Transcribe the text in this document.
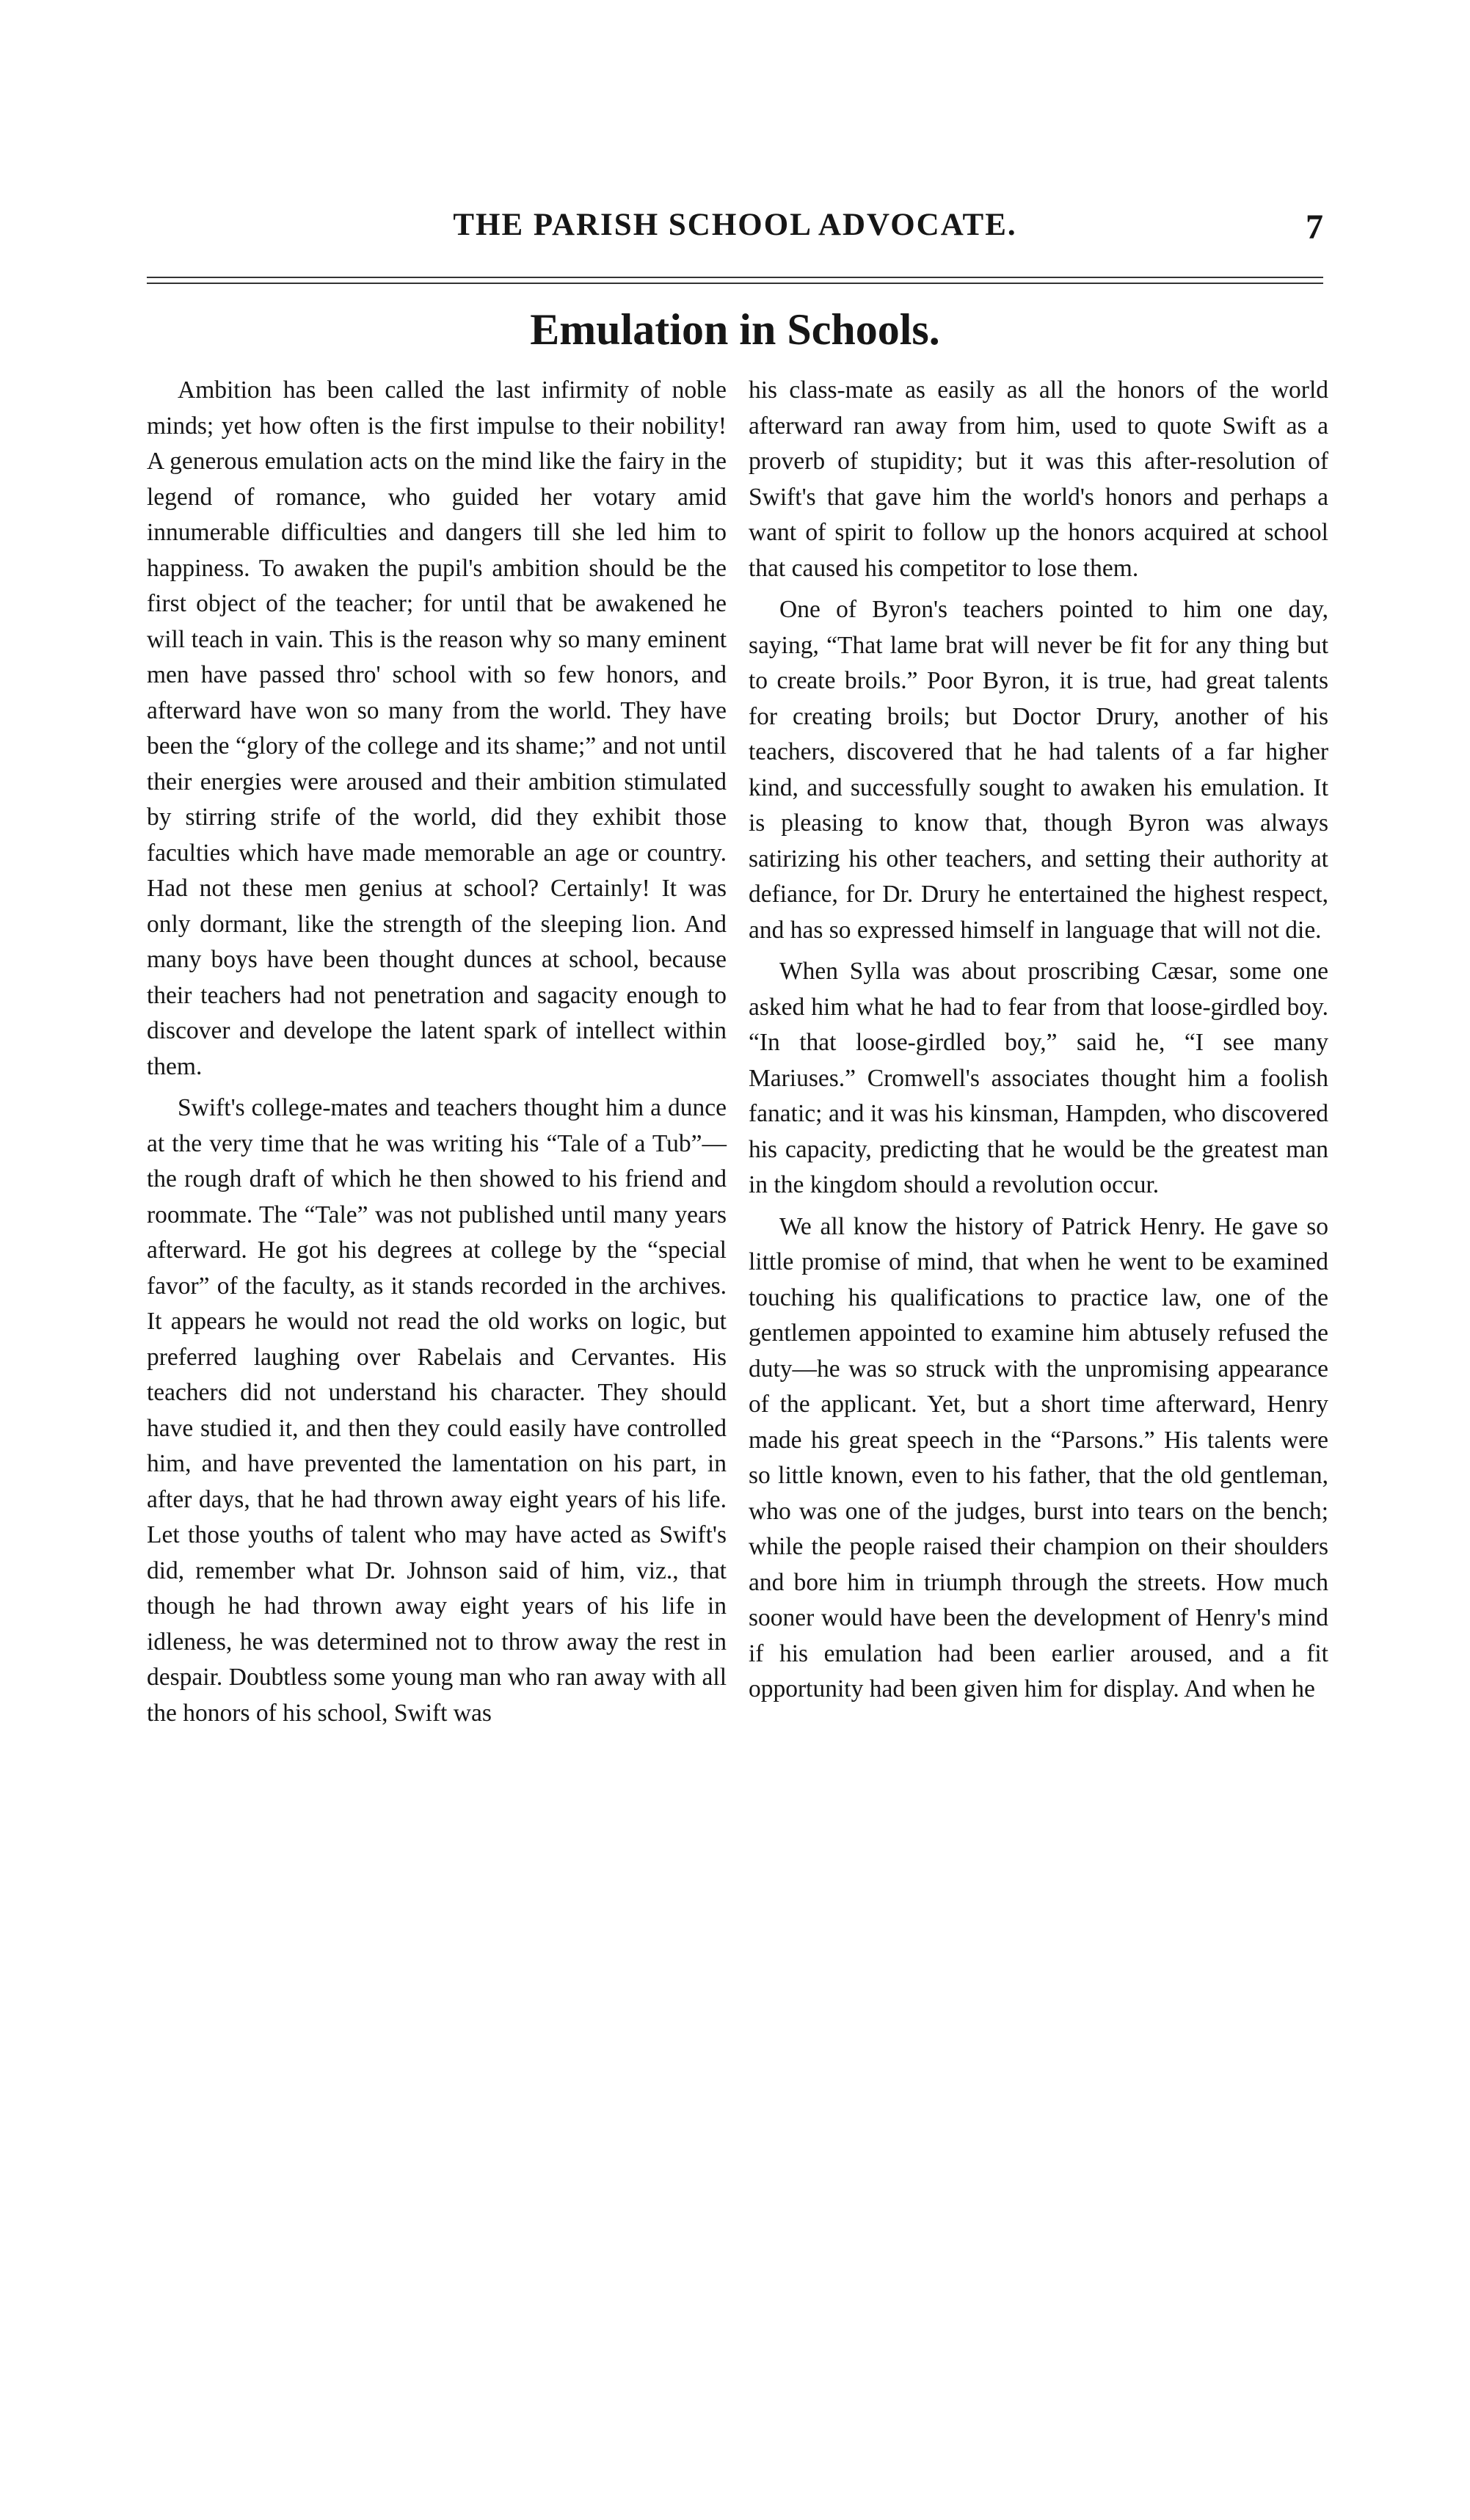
THE PARISH SCHOOL ADVOCATE.	7
Emulation in Schools.

Ambition has been called the last infirmity of noble minds; yet how often is the first impulse to their nobility! A generous emulation acts on the mind like the fairy in the legend of romance, who guided her votary amid innumerable difficulties and dangers till she led him to happiness. To awaken the pupil's ambition should be the first object of the teacher; for until that be awakened he will teach in vain. This is the reason why so many eminent men have passed thro' school with so few honors, and afterward have won so many from the world. They have been the “glory of the college and its shame;” and not until their energies were aroused and their ambition stimulated by stirring strife of the world, did they exhibit those faculties which have made memorable an age or country. Had not these men genius at school? Certainly! It was only dormant, like the strength of the sleeping lion. And many boys have been thought dunces at school, because their teachers had not penetration and sagacity enough to discover and develope the latent spark of intellect within them.

Swift's college-mates and teachers thought him a dunce at the very time that he was writing his “Tale of a Tub”—the rough draft of which he then showed to his friend and roommate. The “Tale” was not published until many years afterward. He got his degrees at college by the “special favor” of the faculty, as it stands recorded in the archives. It appears he would not read the old works on logic, but preferred laughing over Rabelais and Cervantes. His teachers did not understand his character. They should have studied it, and then they could easily have controlled him, and have prevented the lamentation on his part, in after days, that he had thrown away eight years of his life. Let those youths of talent who may have acted as Swift's did, remember what Dr. Johnson said of him, viz., that though he had thrown away eight years of his life in idleness, he was determined not to throw away the rest in despair. Doubtless some young man who ran away with all the honors of his school, Swift was

his class-mate as easily as all the honors of the world afterward ran away from him, used to quote Swift as a proverb of stupidity; but it was this after-resolution of Swift's that gave him the world's honors and perhaps a want of spirit to follow up the honors acquired at school that caused his competitor to lose them.

One of Byron's teachers pointed to him one day, saying, “That lame brat will never be fit for any thing but to create broils.” Poor Byron, it is true, had great talents for creating broils; but Doctor Drury, another of his teachers, discovered that he had talents of a far higher kind, and successfully sought to awaken his emulation. It is pleasing to know that, though Byron was always satirizing his other teachers, and setting their authority at defiance, for Dr. Drury he entertained the highest respect, and has so expressed himself in language that will not die.

When Sylla was about proscribing Cæsar, some one asked him what he had to fear from that loose-girdled boy. “In that loose-girdled boy,” said he, “I see many Mariuses.” Cromwell's associates thought him a foolish fanatic; and it was his kinsman, Hampden, who discovered his capacity, predicting that he would be the greatest man in the kingdom should a revolution occur.

We all know the history of Patrick Henry. He gave so little promise of mind, that when he went to be examined touching his qualifications to practice law, one of the gentlemen appointed to examine him abtusely refused the duty—he was so struck with the unpromising appearance of the applicant. Yet, but a short time afterward, Henry made his great speech in the “Parsons.” His talents were so little known, even to his father, that the old gentleman, who was one of the judges, burst into tears on the bench; while the people raised their champion on their shoulders and bore him in triumph through the streets. How much sooner would have been the development of Henry's mind if his emulation had been earlier aroused, and a fit opportunity had been given him for display. And when he
